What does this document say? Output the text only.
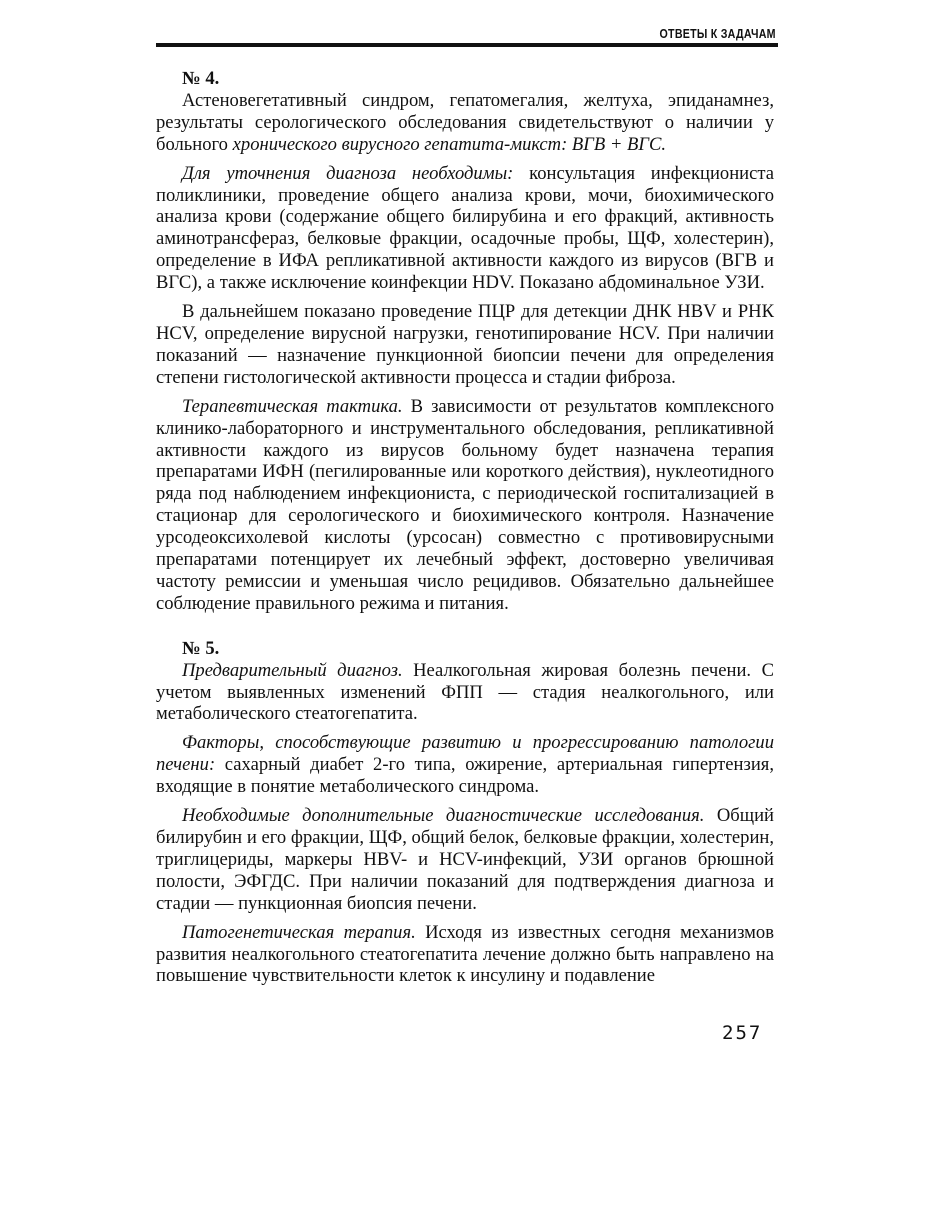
ОТВЕТЫ К ЗАДАЧАМ
№ 4.

Астеновегетативный синдром, гепатомегалия, желтуха, эпиданамнез, результаты серологического обследования свидетельствуют о наличии у больного хронического вирусного гепатита-микст: ВГВ + ВГС.

Для уточнения диагноза необходимы: консультация инфекциониста поликлиники, проведение общего анализа крови, мочи, биохимического анализа крови (содержание общего билирубина и его фракций, активность аминотрансфераз, белковые фракции, осадочные пробы, ЩФ, холестерин), определение в ИФА репликативной активности каждого из вирусов (ВГВ и ВГС), а также исключение коинфекции HDV. Показано абдоминальное УЗИ.

В дальнейшем показано проведение ПЦР для детекции ДНК HBV и РНК HCV, определение вирусной нагрузки, генотипирование HCV. При наличии показаний — назначение пункционной биопсии печени для определения степени гистологической активности процесса и стадии фиброза.

Терапевтическая тактика. В зависимости от результатов комплексного клинико-лабораторного и инструментального обследования, репликативной активности каждого из вирусов больному будет назначена терапия препаратами ИФН (пегилированные или короткого действия), нуклеотидного ряда под наблюдением инфекциониста, с периодической госпитализацией в стационар для серологического и биохимического контроля. Назначение урсодеоксихолевой кислоты (урсосан) совместно с противовирусными препаратами потенцирует их лечебный эффект, достоверно увеличивая частоту ремиссии и уменьшая число рецидивов. Обязательно дальнейшее соблюдение правильного режима и питания.

№ 5.

Предварительный диагноз. Неалкогольная жировая болезнь печени. С учетом выявленных изменений ФПП — стадия неалкогольного, или метаболического стеатогепатита.

Факторы, способствующие развитию и прогрессированию патологии печени: сахарный диабет 2-го типа, ожирение, артериальная гипертензия, входящие в понятие метаболического синдрома.

Необходимые дополнительные диагностические исследования. Общий билирубин и его фракции, ЩФ, общий белок, белковые фракции, холестерин, триглицериды, маркеры HBV- и HCV-инфекций, УЗИ органов брюшной полости, ЭФГДС. При наличии показаний для подтверждения диагноза и стадии — пункционная биопсия печени.

Патогенетическая терапия. Исходя из известных сегодня механизмов развития неалкогольного стеатогепатита лечение должно быть направлено на повышение чувствительности клеток к инсулину и подавление

257
